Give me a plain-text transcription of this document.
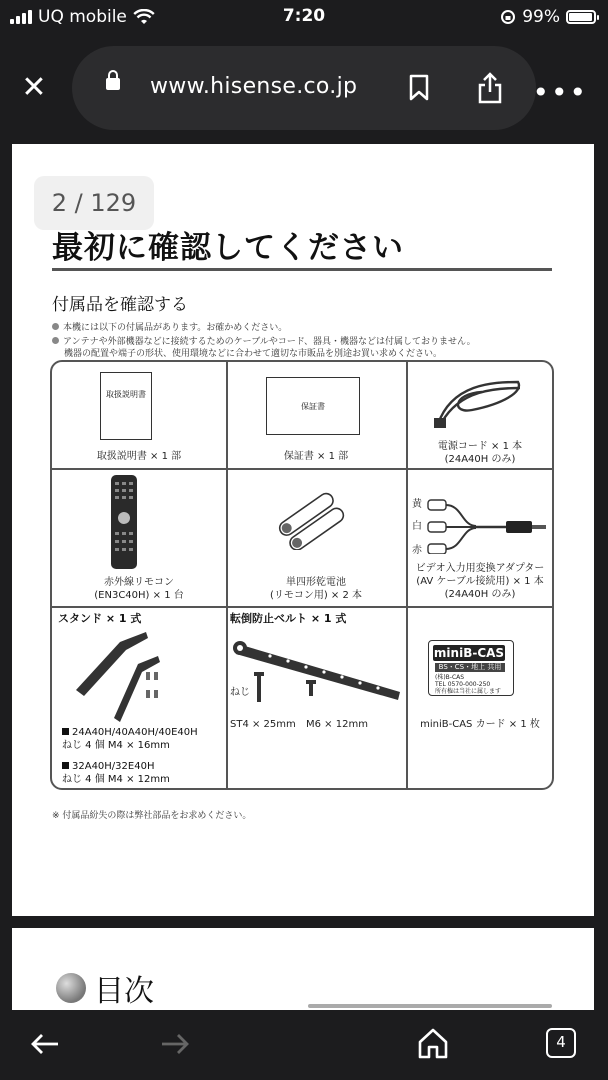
UQ mobile	7:20	99%
✕	www.hisense.co.jp	•••
2 / 129
最初に確認してください
付属品を確認する
本機には以下の付属品があります。お確かめください。
アンテナや外部機器などに接続するためのケーブルやコード、器具・機器などは付属しておりません。
機器の配置や端子の形状、使用環境などに合わせて適切な市販品を別途お買い求めください。
取扱説明書
取扱説明書 × 1 部
保証書
保証書 × 1 部
電源コード × 1 本
(24A40H のみ)
赤外線リモコン
(EN3C40H) × 1 台
単四形乾電池
(リモコン用) × 2 本
黄
白
赤
ビデオ入力用変換アダプター
(AV ケーブル接続用) × 1 本
(24A40H のみ)
スタンド × 1 式
24A40H/40A40H/40E40H
ねじ 4 個 M4 × 16mm
32A40H/32E40H
ねじ 4 個 M4 × 12mm
転倒防止ベルト × 1 式
ねじ
ST4 × 25mm M6 × 12mm
miniB-CAS
BS・CS・地上 共用
(株)B-CAS
TEL 0570-000-250
所有権は当社に属します
miniB-CAS カード × 1 枚
※ 付属品紛失の際は弊社部品をお求めください。
目次
4
